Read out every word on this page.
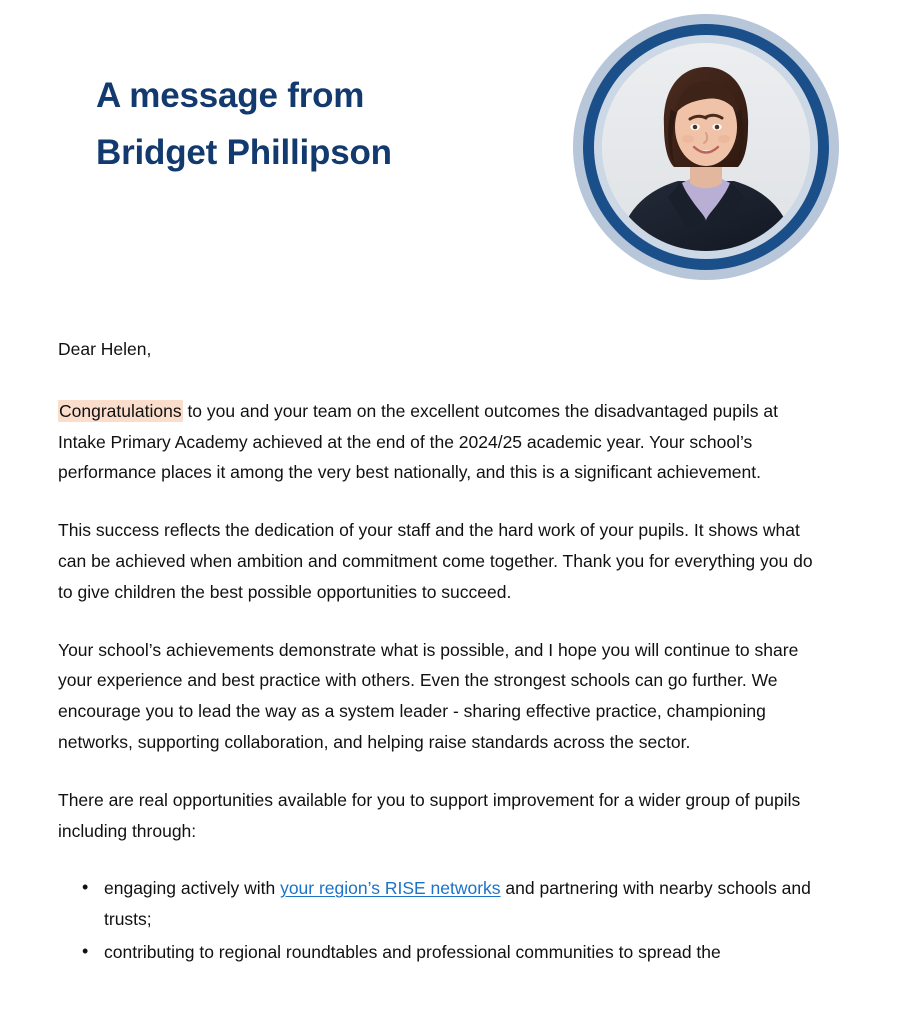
A message from
Bridget Phillipson

Dear Helen,

Congratulations to you and your team on the excellent outcomes the disadvantaged pupils at Intake Primary Academy achieved at the end of the 2024/25 academic year. Your school’s performance places it among the very best nationally, and this is a significant achievement.

This success reflects the dedication of your staff and the hard work of your pupils. It shows what can be achieved when ambition and commitment come together. Thank you for everything you do to give children the best possible opportunities to succeed.

Your school’s achievements demonstrate what is possible, and I hope you will continue to share your experience and best practice with others. Even the strongest schools can go further. We encourage you to lead the way as a system leader - sharing effective practice, championing networks, supporting collaboration, and helping raise standards across the sector.

There are real opportunities available for you to support improvement for a wider group of pupils including through:

• engaging actively with your region’s RISE networks and partnering with nearby schools and trusts;
• contributing to regional roundtables and professional communities to spread the
